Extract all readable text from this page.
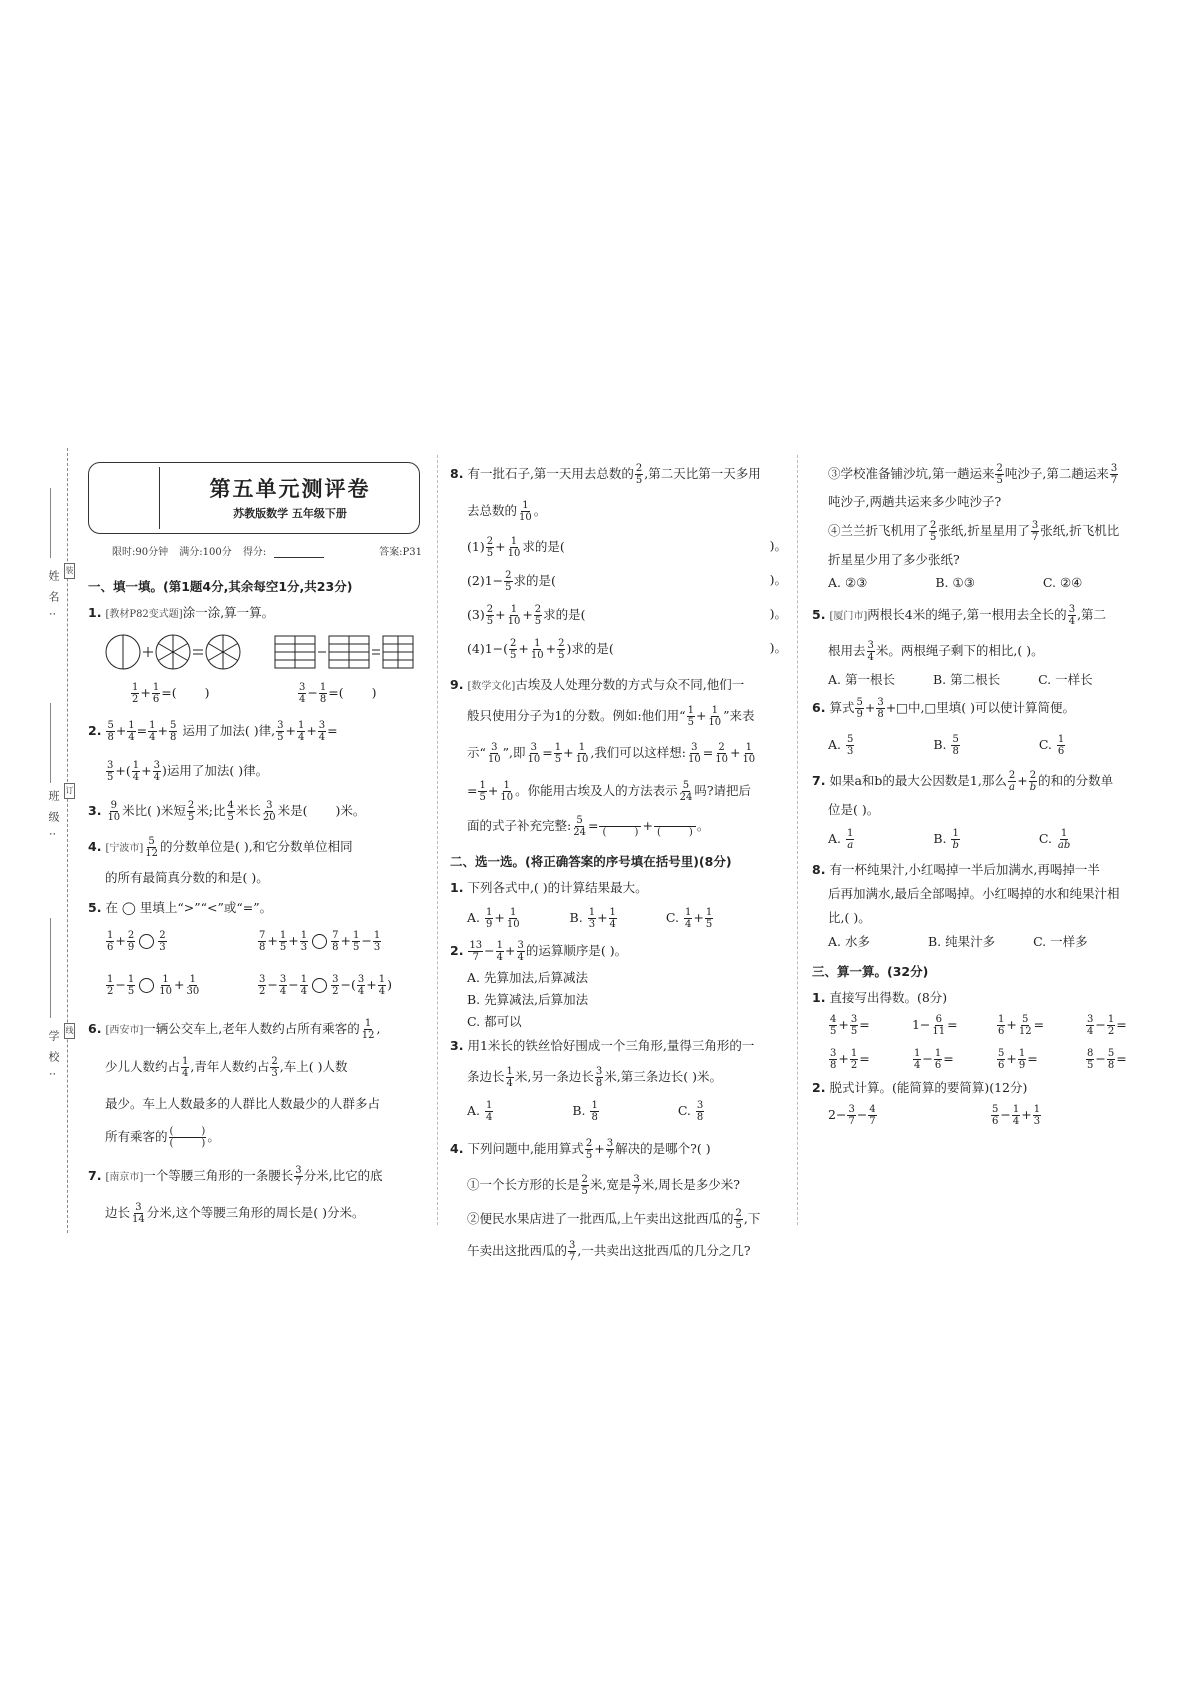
姓名:
班级:
学校:
装
订
线
第五单元测评卷
苏教版数学 五年级下册
限时:90分钟 满分:100分 得分:	答案:P31
一、填一填。(第1题4分,其余每空1分,共23分)
1. [教材P82变式题]涂一涂,算一算。
$\frac{1}{2} + \frac{1}{6}$ =( )	$\frac{3}{4} - \frac{1}{8}$ =( )
2. $\frac{5}{8} + \frac{1}{4} = \frac{1}{4} + \frac{5}{8}$ 运用了加法( )律, $\frac{3}{5} + \frac{1}{4} + \frac{3}{4}$ =
$\frac{3}{5}$ +( $\frac{1}{4} + \frac{3}{4}$ )运用了加法( )律。
3. $\frac{9}{10}$ 米比( )米短 $\frac{2}{5}$ 米;比 $\frac{4}{5}$ 米长 $\frac{3}{20}$ 米是( )米。
4. [宁波市] $\frac{5}{12}$ 的分数单位是( ),和它分数单位相同
的所有最简真分数的和是( )。
5. 在 ◯ 里填上“>”“<”或“=”。
$\frac{1}{6} + \frac{2}{9} \frac{2}{3}$	$\frac{7}{8} + \frac{1}{5} + \frac{1}{3} \frac{7}{8} + \frac{1}{5} - \frac{1}{3}$
$\frac{1}{2} - \frac{1}{5} \frac{1}{10} + \frac{1}{30}$	$\frac{3}{2} - \frac{3}{4} - \frac{1}{4} \frac{3}{2}$ −( $\frac{3}{4} + \frac{1}{4}$ )
6. [西安市]一辆公交车上,老年人数约占所有乘客的 $\frac{1}{12}$ ,
少儿人数约占 $\frac{1}{4}$ ,青年人数约占 $\frac{2}{3}$ ,车上( )人数
最少。车上人数最多的人群比人数最少的人群多占
所有乘客的 (	)
(	) 。
7. [南京市]一个等腰三角形的一条腰长 $\frac{3}{7}$ 分米,比它的底
边长 $\frac{3}{14}$ 分米,这个等腰三角形的周长是( )分米。
8. 有一批石子,第一天用去总数的 $\frac{2}{5}$ ,第二天比第一天多用
去总数的 $\frac{1}{10}$ 。
$(1) \frac{2}{5} + \frac{1}{10}$ 求的是(	)。
$(2)1- \frac{2}{5}$ 求的是(	)。
$(3) \frac{2}{5} + \frac{1}{10} + \frac{2}{5}$ 求的是(	)。
$(4)1-( \frac{2}{5} + \frac{1}{10} + \frac{2}{5}$ )求的是(	)。
9. [数学文化]古埃及人处理分数的方式与众不同,他们一
般只使用分子为1的分数。例如:他们用“ $\frac{1}{5} + \frac{1}{10}$ ”来表
示“ $\frac{3}{10}$ ”,即 $\frac{3}{10} = \frac{1}{5} + \frac{1}{10}$ ,我们可以这样想: $\frac{3}{10} = \frac{2}{10} + \frac{1}{10}$
= $\frac{1}{5} + \frac{1}{10}$ 。你能用古埃及人的方法表示 $\frac{5}{24}$ 吗?请把后
面的式子补充完整: $\frac{5}{24}$ = (	) + (	) 。
二、选一选。(将正确答案的序号填在括号里)(8分)
1. 下列各式中,( )的计算结果最大。
A. $\frac{1}{9} + \frac{1}{10}$	B. $\frac{1}{3} + \frac{1}{4}$	C. $\frac{1}{4} + \frac{1}{5}$
2. $\frac{13}{7} - \frac{1}{4} + \frac{3}{4}$ 的运算顺序是( )。
A. 先算加法,后算减法
B. 先算减法,后算加法
C. 都可以
3. 用1米长的铁丝恰好围成一个三角形,量得三角形的一
条边长 $\frac{1}{4}$ 米,另一条边长 $\frac{3}{8}$ 米,第三条边长( )米。
A. $\frac{1}{4}$	B. $\frac{1}{8}$	C. $\frac{3}{8}$
4. 下列问题中,能用算式 $\frac{2}{5} + \frac{3}{7}$ 解决的是哪个?( )
①一个长方形的长是 $\frac{2}{5}$ 米,宽是 $\frac{3}{7}$ 米,周长是多少米?
②便民水果店进了一批西瓜,上午卖出这批西瓜的 $\frac{2}{5}$ ,下
午卖出这批西瓜的 $\frac{3}{7}$ ,一共卖出这批西瓜的几分之几?
③学校准备铺沙坑,第一趟运来 $\frac{2}{5}$ 吨沙子,第二趟运来 $\frac{3}{7}$
吨沙子,两趟共运来多少吨沙子?
④兰兰折飞机用了 $\frac{2}{5}$ 张纸,折星星用了 $\frac{3}{7}$ 张纸,折飞机比
折星星少用了多少张纸?
A. ②③	B. ①③	C. ②④
5. [厦门市]两根长4米的绳子,第一根用去全长的 $\frac{3}{4}$ ,第二
根用去 $\frac{3}{4}$ 米。两根绳子剩下的相比,( )。
A. 第一根长	B. 第二根长	C. 一样长
6. 算式 $\frac{5}{9} + \frac{3}{8}$ +□中,□里填( )可以使计算简便。
A. $\frac{5}{3}$	B. $\frac{5}{8}$	C. $\frac{1}{6}$
7. 如果a和b的最大公因数是1,那么 $\frac{2}{a} + \frac{2}{b}$ 的和的分数单
位是( )。
A. $\frac{1}{a}$	B. $\frac{1}{b}$	C. $\frac{1}{ab}$
8. 有一杯纯果汁,小红喝掉一半后加满水,再喝掉一半
后再加满水,最后全部喝掉。小红喝掉的水和纯果汁相
比,( )。
A. 水多	B. 纯果汁多	C. 一样多
三、算一算。(32分)
1. 直接写出得数。(8分)
$\frac{4}{5} + \frac{3}{5}$ =	$1- \frac{6}{11}$ =	$\frac{1}{6} + \frac{5}{12}$ =	$\frac{3}{4} - \frac{1}{2}$ =
$\frac{3}{8} + \frac{1}{2}$ =	$\frac{1}{4} - \frac{1}{6}$ =	$\frac{5}{6} + \frac{1}{9}$ =	$\frac{8}{5} - \frac{5}{8}$ =
2. 脱式计算。(能简算的要简算)(12分)
$2- \frac{3}{7} - \frac{4}{7}$	$\frac{5}{6} - \frac{1}{4} + \frac{1}{3}$
